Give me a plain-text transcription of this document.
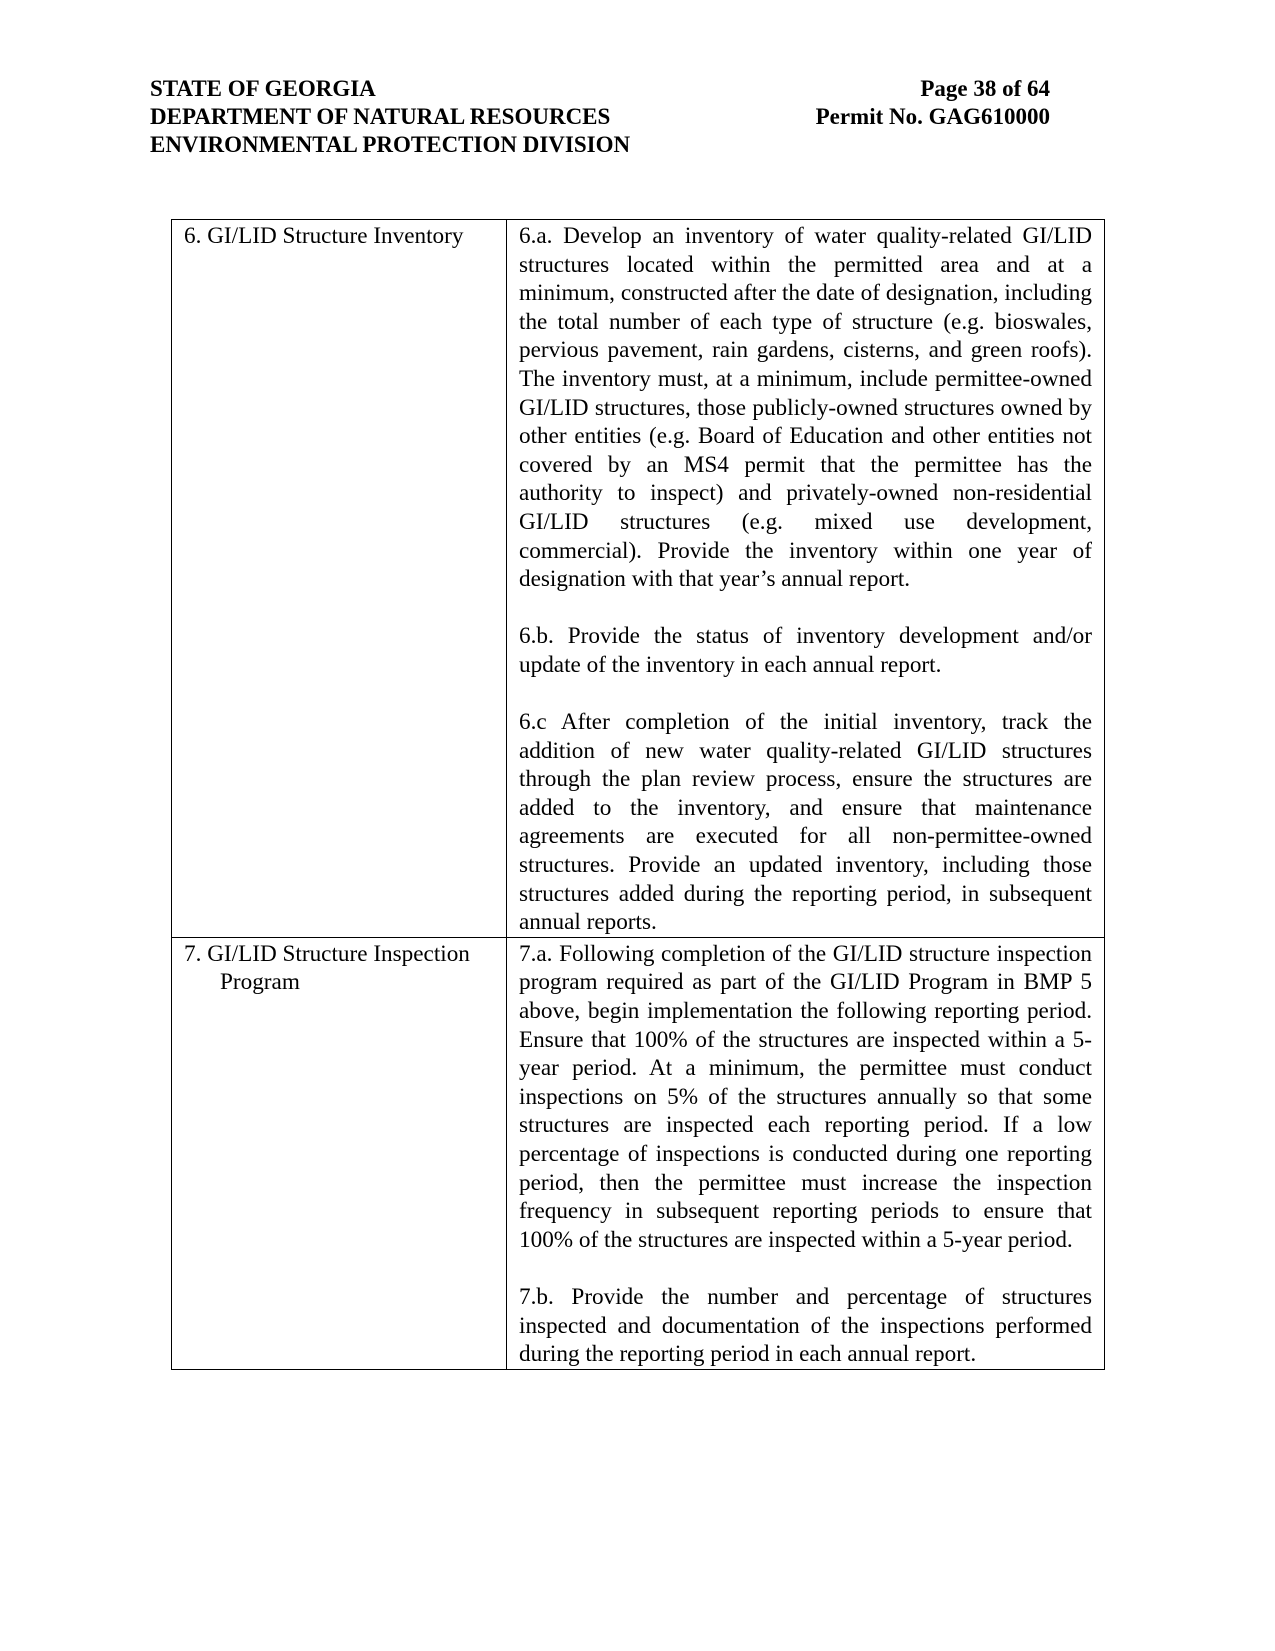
STATE OF GEORGIA
DEPARTMENT OF NATURAL RESOURCES
ENVIRONMENTAL PROTECTION DIVISION
Page 38 of 64
Permit No. GAG610000
6. GI/LID Structure Inventory	6.a. Develop an inventory of water quality-related GI/LID structures located within the permitted area and at a minimum, constructed after the date of designation, including the total number of each type of structure (e.g. bioswales, pervious pavement, rain gardens, cisterns, and green roofs). The inventory must, at a minimum, include permittee-owned GI/LID structures, those publicly-owned structures owned by other entities (e.g. Board of Education and other entities not covered by an MS4 permit that the permittee has the authority to inspect) and privately-owned non-residential GI/LID structures (e.g. mixed use development, commercial). Provide the inventory within one year of designation with that year’s annual report.
6.b. Provide the status of inventory development and/or update of the inventory in each annual report.
6.c After completion of the initial inventory, track the addition of new water quality-related GI/LID structures through the plan review process, ensure the structures are added to the inventory, and ensure that maintenance agreements are executed for all non-permittee-owned structures. Provide an updated inventory, including those structures added during the reporting period, in subsequent annual reports.

7. GI/LID Structure Inspection Program	7.a. Following completion of the GI/LID structure inspection program required as part of the GI/LID Program in BMP 5 above, begin implementation the following reporting period. Ensure that 100% of the structures are inspected within a 5-year period. At a minimum, the permittee must conduct inspections on 5% of the structures annually so that some structures are inspected each reporting period. If a low percentage of inspections is conducted during one reporting period, then the permittee must increase the inspection frequency in subsequent reporting periods to ensure that 100% of the structures are inspected within a 5-year period.
7.b. Provide the number and percentage of structures inspected and documentation of the inspections performed during the reporting period in each annual report.
